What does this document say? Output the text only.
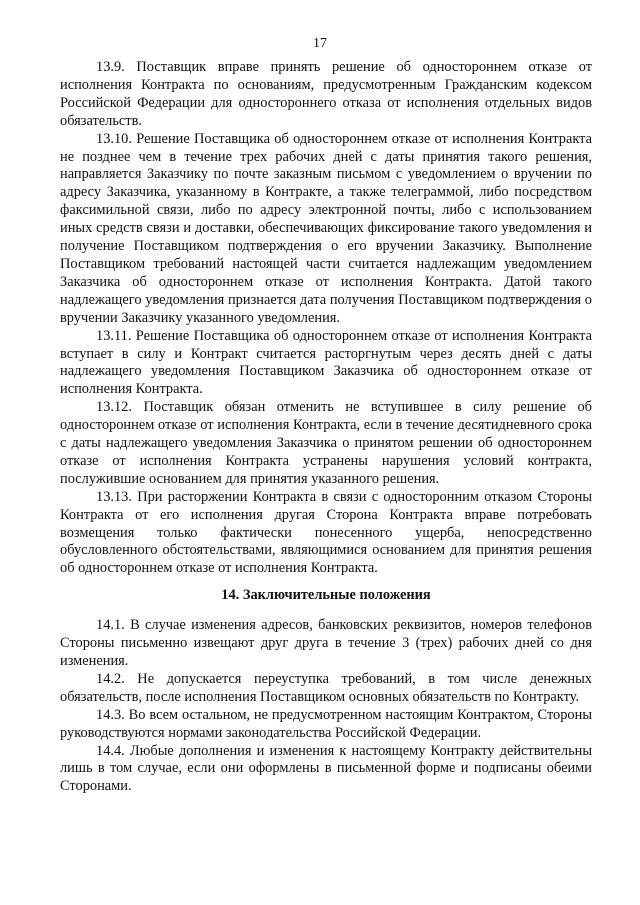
17

13.9. Поставщик вправе принять решение об одностороннем отказе от исполнения Контракта по основаниям, предусмотренным Гражданским кодексом Российской Федерации для одностороннего отказа от исполнения отдельных видов обязательств.

13.10. Решение Поставщика об одностороннем отказе от исполнения Контракта не позднее чем в течение трех рабочих дней с даты принятия такого решения, направляется Заказчику по почте заказным письмом с уведомлением о вручении по адресу Заказчика, указанному в Контракте, а также телеграммой, либо посредством факсимильной связи, либо по адресу электронной почты, либо с использованием иных средств связи и доставки, обеспечивающих фиксирование такого уведомления и получение Поставщиком подтверждения о его вручении Заказчику. Выполнение Поставщиком требований настоящей части считается надлежащим уведомлением Заказчика об одностороннем отказе от исполнения Контракта. Датой такого надлежащего уведомления признается дата получения Поставщиком подтверждения о вручении Заказчику указанного уведомления.

13.11. Решение Поставщика об одностороннем отказе от исполнения Контракта вступает в силу и Контракт считается расторгнутым через десять дней с даты надлежащего уведомления Поставщиком Заказчика об одностороннем отказе от исполнения Контракта.

13.12. Поставщик обязан отменить не вступившее в силу решение об одностороннем отказе от исполнения Контракта, если в течение десятидневного срока с даты надлежащего уведомления Заказчика о принятом решении об одностороннем отказе от исполнения Контракта устранены нарушения условий контракта, послужившие основанием для принятия указанного решения.

13.13. При расторжении Контракта в связи с односторонним отказом Стороны Контракта от его исполнения другая Сторона Контракта вправе потребовать возмещения только фактически понесенного ущерба, непосредственно обусловленного обстоятельствами, являющимися основанием для принятия решения об одностороннем отказе от исполнения Контракта.

14. Заключительные положения

14.1. В случае изменения адресов, банковских реквизитов, номеров телефонов Стороны письменно извещают друг друга в течение 3 (трех) рабочих дней со дня изменения.

14.2. Не допускается переуступка требований, в том числе денежных обязательств, после исполнения Поставщиком основных обязательств по Контракту.

14.3. Во всем остальном, не предусмотренном настоящим Контрактом, Стороны руководствуются нормами законодательства Российской Федерации.

14.4. Любые дополнения и изменения к настоящему Контракту действительны лишь в том случае, если они оформлены в письменной форме и подписаны обеими Сторонами.
